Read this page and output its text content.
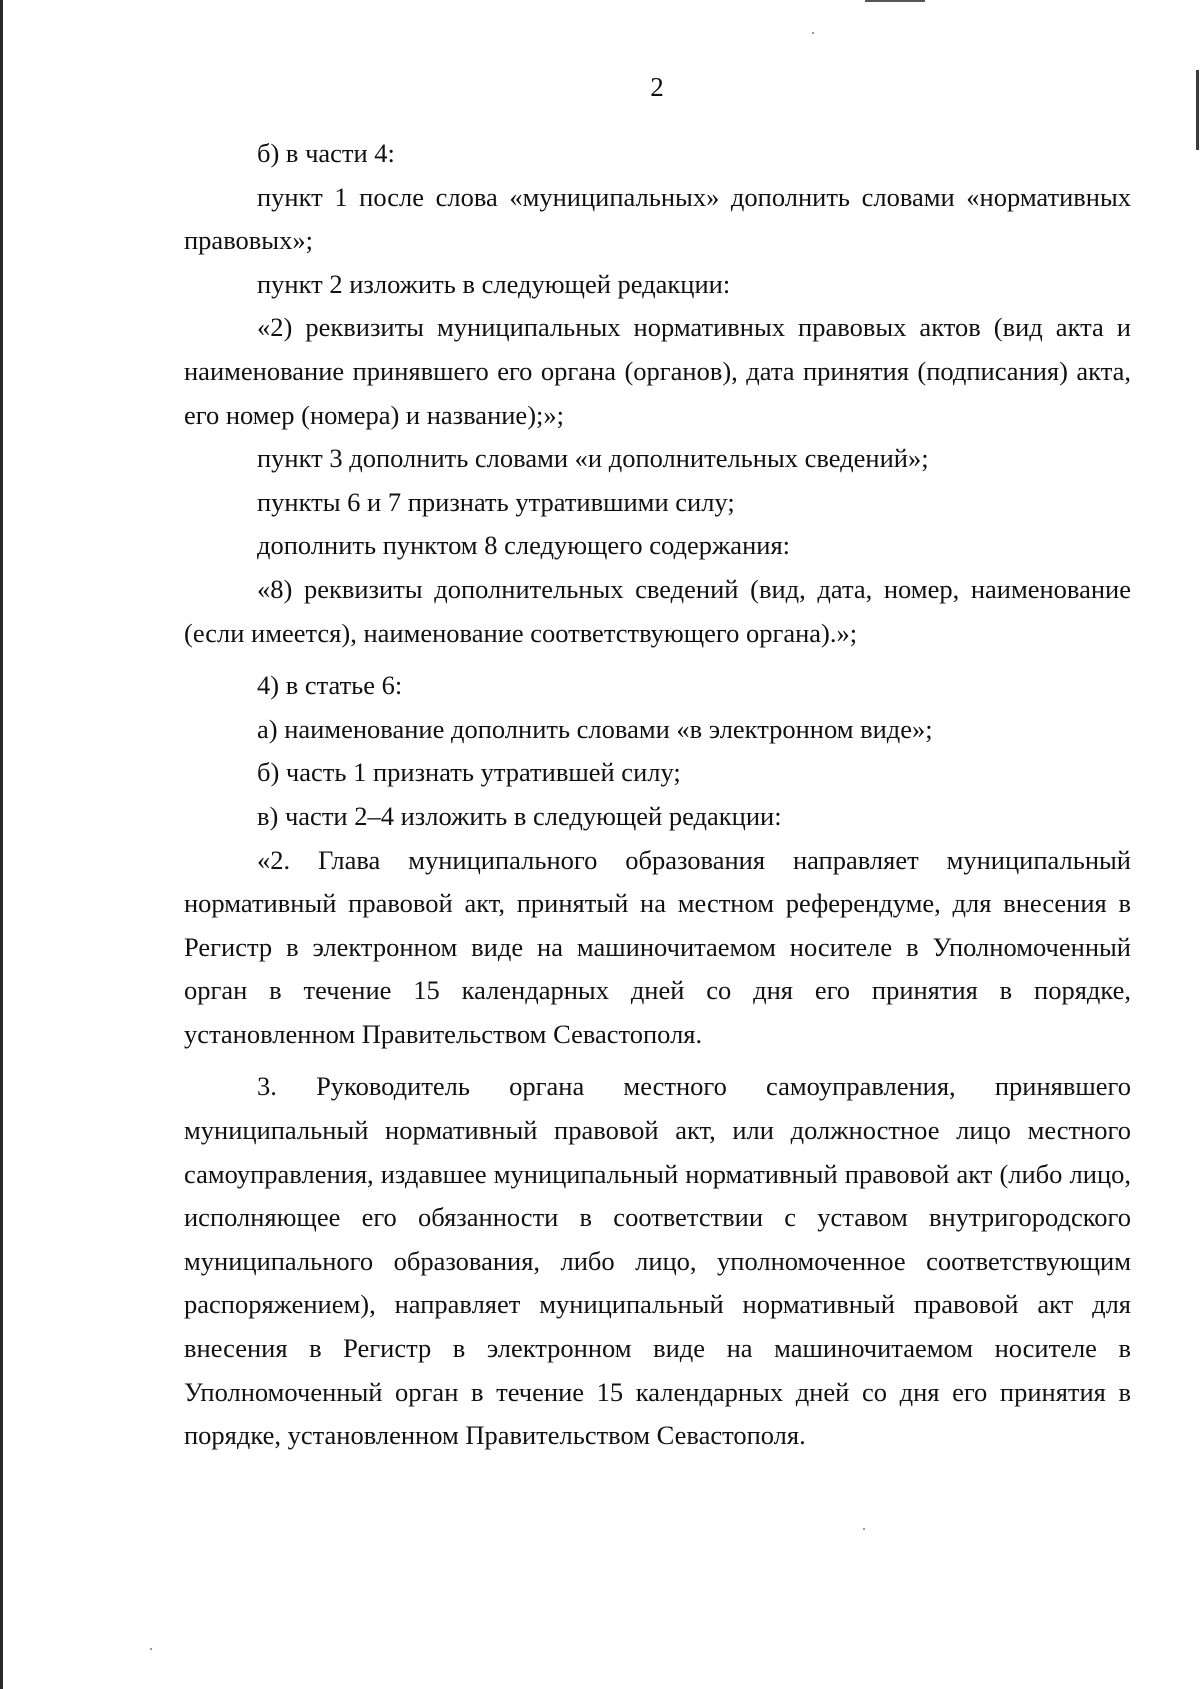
2

б) в части 4:

пункт 1 после слова «муниципальных» дополнить словами «нормативных правовых»;

пункт 2 изложить в следующей редакции:

«2) реквизиты муниципальных нормативных правовых актов (вид акта и наименование принявшего его органа (органов), дата принятия (подписания) акта, его номер (номера) и название);»;

пункт 3 дополнить словами «и дополнительных сведений»;

пункты 6 и 7 признать утратившими силу;

дополнить пунктом 8 следующего содержания:

«8) реквизиты дополнительных сведений (вид, дата, номер, наименование (если имеется), наименование соответствующего органа).»;

4) в статье 6:

а) наименование дополнить словами «в электронном виде»;

б) часть 1 признать утратившей силу;

в) части 2–4 изложить в следующей редакции:

«2. Глава муниципального образования направляет муниципальный нормативный правовой акт, принятый на местном референдуме, для внесения в Регистр в электронном виде на машиночитаемом носителе в Уполномоченный орган в течение 15 календарных дней со дня его принятия в порядке, установленном Правительством Севастополя.

3. Руководитель органа местного самоуправления, принявшего муниципальный нормативный правовой акт, или должностное лицо местного самоуправления, издавшее муниципальный нормативный правовой акт (либо лицо, исполняющее его обязанности в соответствии с уставом внутригородского муниципального образования, либо лицо, уполномоченное соответствующим распоряжением), направляет муниципальный нормативный правовой акт для внесения в Регистр в электронном виде на машиночитаемом носителе в Уполномоченный орган в течение 15 календарных дней со дня его принятия в порядке, установленном Правительством Севастополя.
